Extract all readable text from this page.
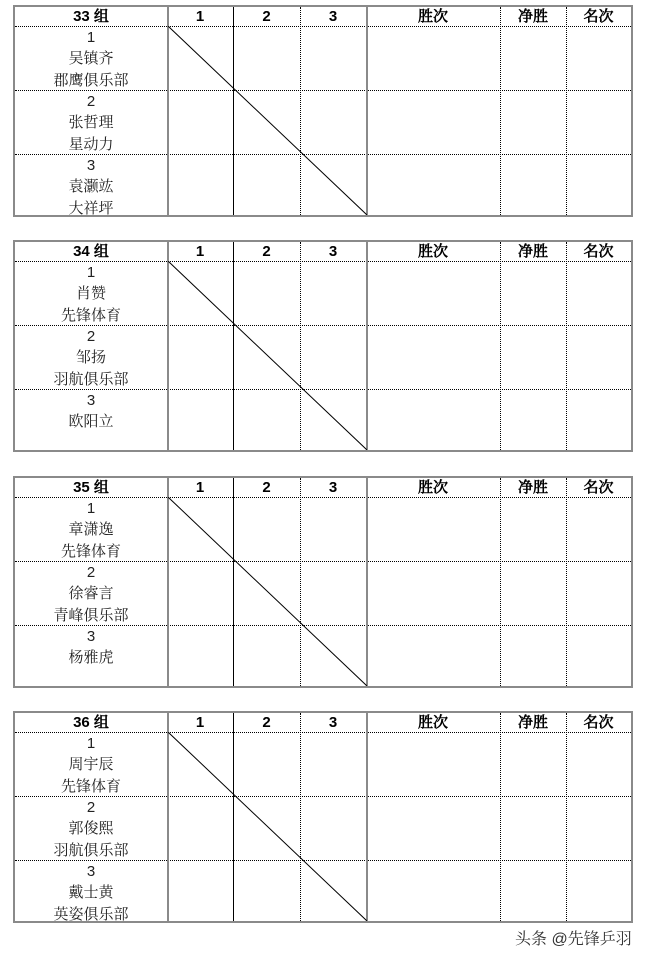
33 组	1	2	3	胜次	净胜	名次
1
吴镇齐
郡鹰俱乐部
2
张哲理
星动力
3
袁灏竑
大祥坪
34 组	1	2	3	胜次	净胜	名次
1
肖赞
先锋体育
2
邹扬
羽航俱乐部
3
欧阳立

35 组	1	2	3	胜次	净胜	名次
1
章潇逸
先锋体育
2
徐睿言
青峰俱乐部
3
杨雅虎

36 组	1	2	3	胜次	净胜	名次
1
周宇辰
先锋体育
2
郭俊熙
羽航俱乐部
3
戴士黄
英姿俱乐部
头条 @先锋乒羽
